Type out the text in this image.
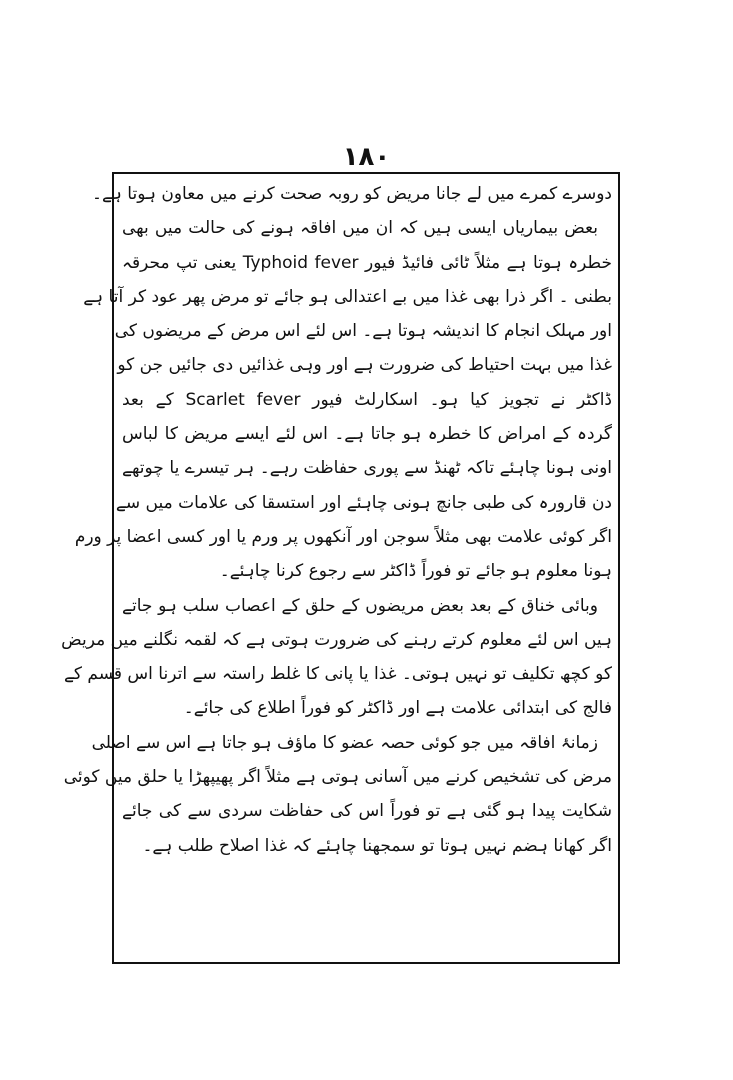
١٨٠
دوسرے کمرے میں لے جانا مریض کو روبہ صحت کرنے میں معاون ہوتا ہے۔
بعض بیماریاں ایسی ہیں کہ ان میں افاقہ ہونے کی حالت میں بھی
خطرہ ہوتا ہے مثلاً ٹائی فائیڈ فیور Typhoid fever یعنی تپ محرقہ
بطنی ۔ اگر ذرا بھی غذا میں بے اعتدالی ہو جائے تو مرض پھر عود کر آتا ہے
اور مہلک انجام کا اندیشہ ہوتا ہے۔ اس لئے اس مرض کے مریضوں کی
غذا میں بہت احتیاط کی ضرورت ہے اور وہی غذائیں دی جائیں جن کو
ڈاکٹر نے تجویز کیا ہو۔ اسکارلٹ فیور Scarlet fever کے بعد
گردہ کے امراض کا خطرہ ہو جاتا ہے۔ اس لئے ایسے مریض کا لباس
اونی ہونا چاہئے تاکہ ٹھنڈ سے پوری حفاظت رہے۔ ہر تیسرے یا چوتھے
دن قارورہ کی طبی جانچ ہونی چاہئے اور استسقا کی علامات میں سے
اگر کوئی علامت بھی مثلاً سوجن اور آنکھوں پر ورم یا اور کسی اعضا پر ورم
ہونا معلوم ہو جائے تو فوراً ڈاکٹر سے رجوع کرنا چاہئے۔
وبائی خناق کے بعد بعض مریضوں کے حلق کے اعصاب سلب ہو جاتے
ہیں اس لئے معلوم کرتے رہنے کی ضرورت ہوتی ہے کہ لقمہ نگلنے میں مریض
کو کچھ تکلیف تو نہیں ہوتی۔ غذا یا پانی کا غلط راستہ سے اترنا اس قسم کے
فالج کی ابتدائی علامت ہے اور ڈاکٹر کو فوراً اطلاع کی جائے۔
زمانۂ افاقہ میں جو کوئی حصہ عضو کا ماؤف ہو جاتا ہے اس سے اصلی
مرض کی تشخیص کرنے میں آسانی ہوتی ہے مثلاً اگر پھیپھڑا یا حلق میں کوئی
شکایت پیدا ہو گئی ہے تو فوراً اس کی حفاظت سردی سے کی جائے
اگر کھانا ہضم نہیں ہوتا تو سمجھنا چاہئے کہ غذا اصلاح طلب ہے۔
